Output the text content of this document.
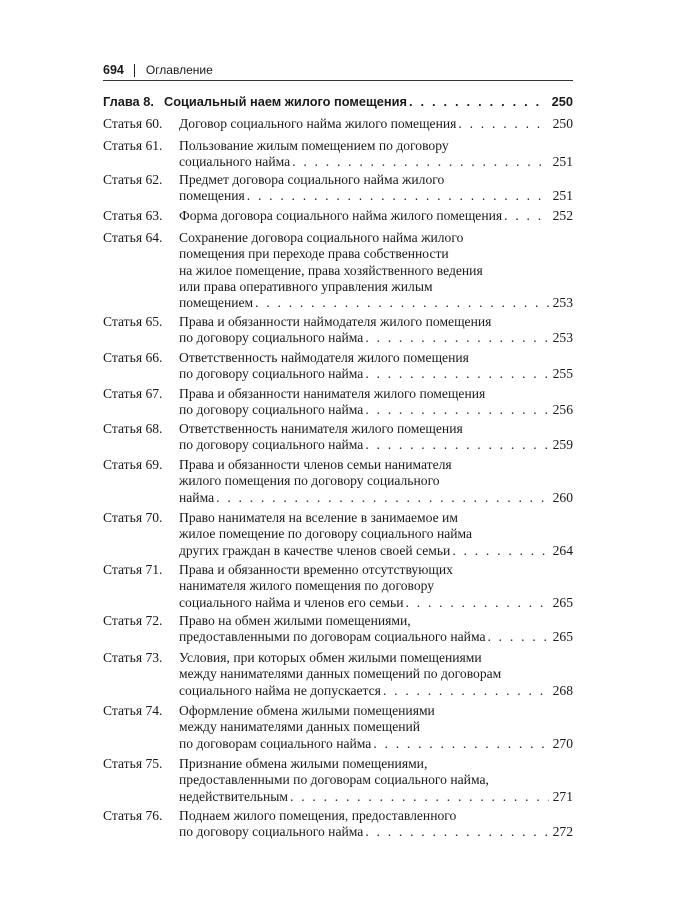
694 Оглавление
Глава 8. Социальный наем жилого помещения . . .	250
Статья 60. Договор социального найма жилого помещения . . .	250
Статья 61. Пользование жилым помещением по договору
социального найма . . .	251
Статья 62. Предмет договора социального найма жилого
помещения . . .	251
Статья 63. Форма договора социального найма жилого помещения . . .	252
Статья 64. Сохранение договора социального найма жилого
помещения при переходе права собственности
на жилое помещение, права хозяйственного ведения
или права оперативного управления жилым
помещением . . .	253
Статья 65. Права и обязанности наймодателя жилого помещения
по договору социального найма . . .	253
Статья 66. Ответственность наймодателя жилого помещения
по договору социального найма . . .	255
Статья 67. Права и обязанности нанимателя жилого помещения
по договору социального найма . . .	256
Статья 68. Ответственность нанимателя жилого помещения
по договору социального найма . . .	259
Статья 69. Права и обязанности членов семьи нанимателя
жилого помещения по договору социального
найма . . .	260
Статья 70. Право нанимателя на вселение в занимаемое им
жилое помещение по договору социального найма
других граждан в качестве членов своей семьи . . .	264
Статья 71. Права и обязанности временно отсутствующих
нанимателя жилого помещения по договору
социального найма и членов его семьи . . .	265
Статья 72. Право на обмен жилыми помещениями,
предоставленными по договорам социального найма . . .	265
Статья 73. Условия, при которых обмен жилыми помещениями
между нанимателями данных помещений по договорам
социального найма не допускается . . .	268
Статья 74. Оформление обмена жилыми помещениями
между нанимателями данных помещений
по договорам социального найма . . .	270
Статья 75. Признание обмена жилыми помещениями,
предоставленными по договорам социального найма,
недействительным . . .	271
Статья 76. Поднаем жилого помещения, предоставленного
по договору социального найма . . .	272
